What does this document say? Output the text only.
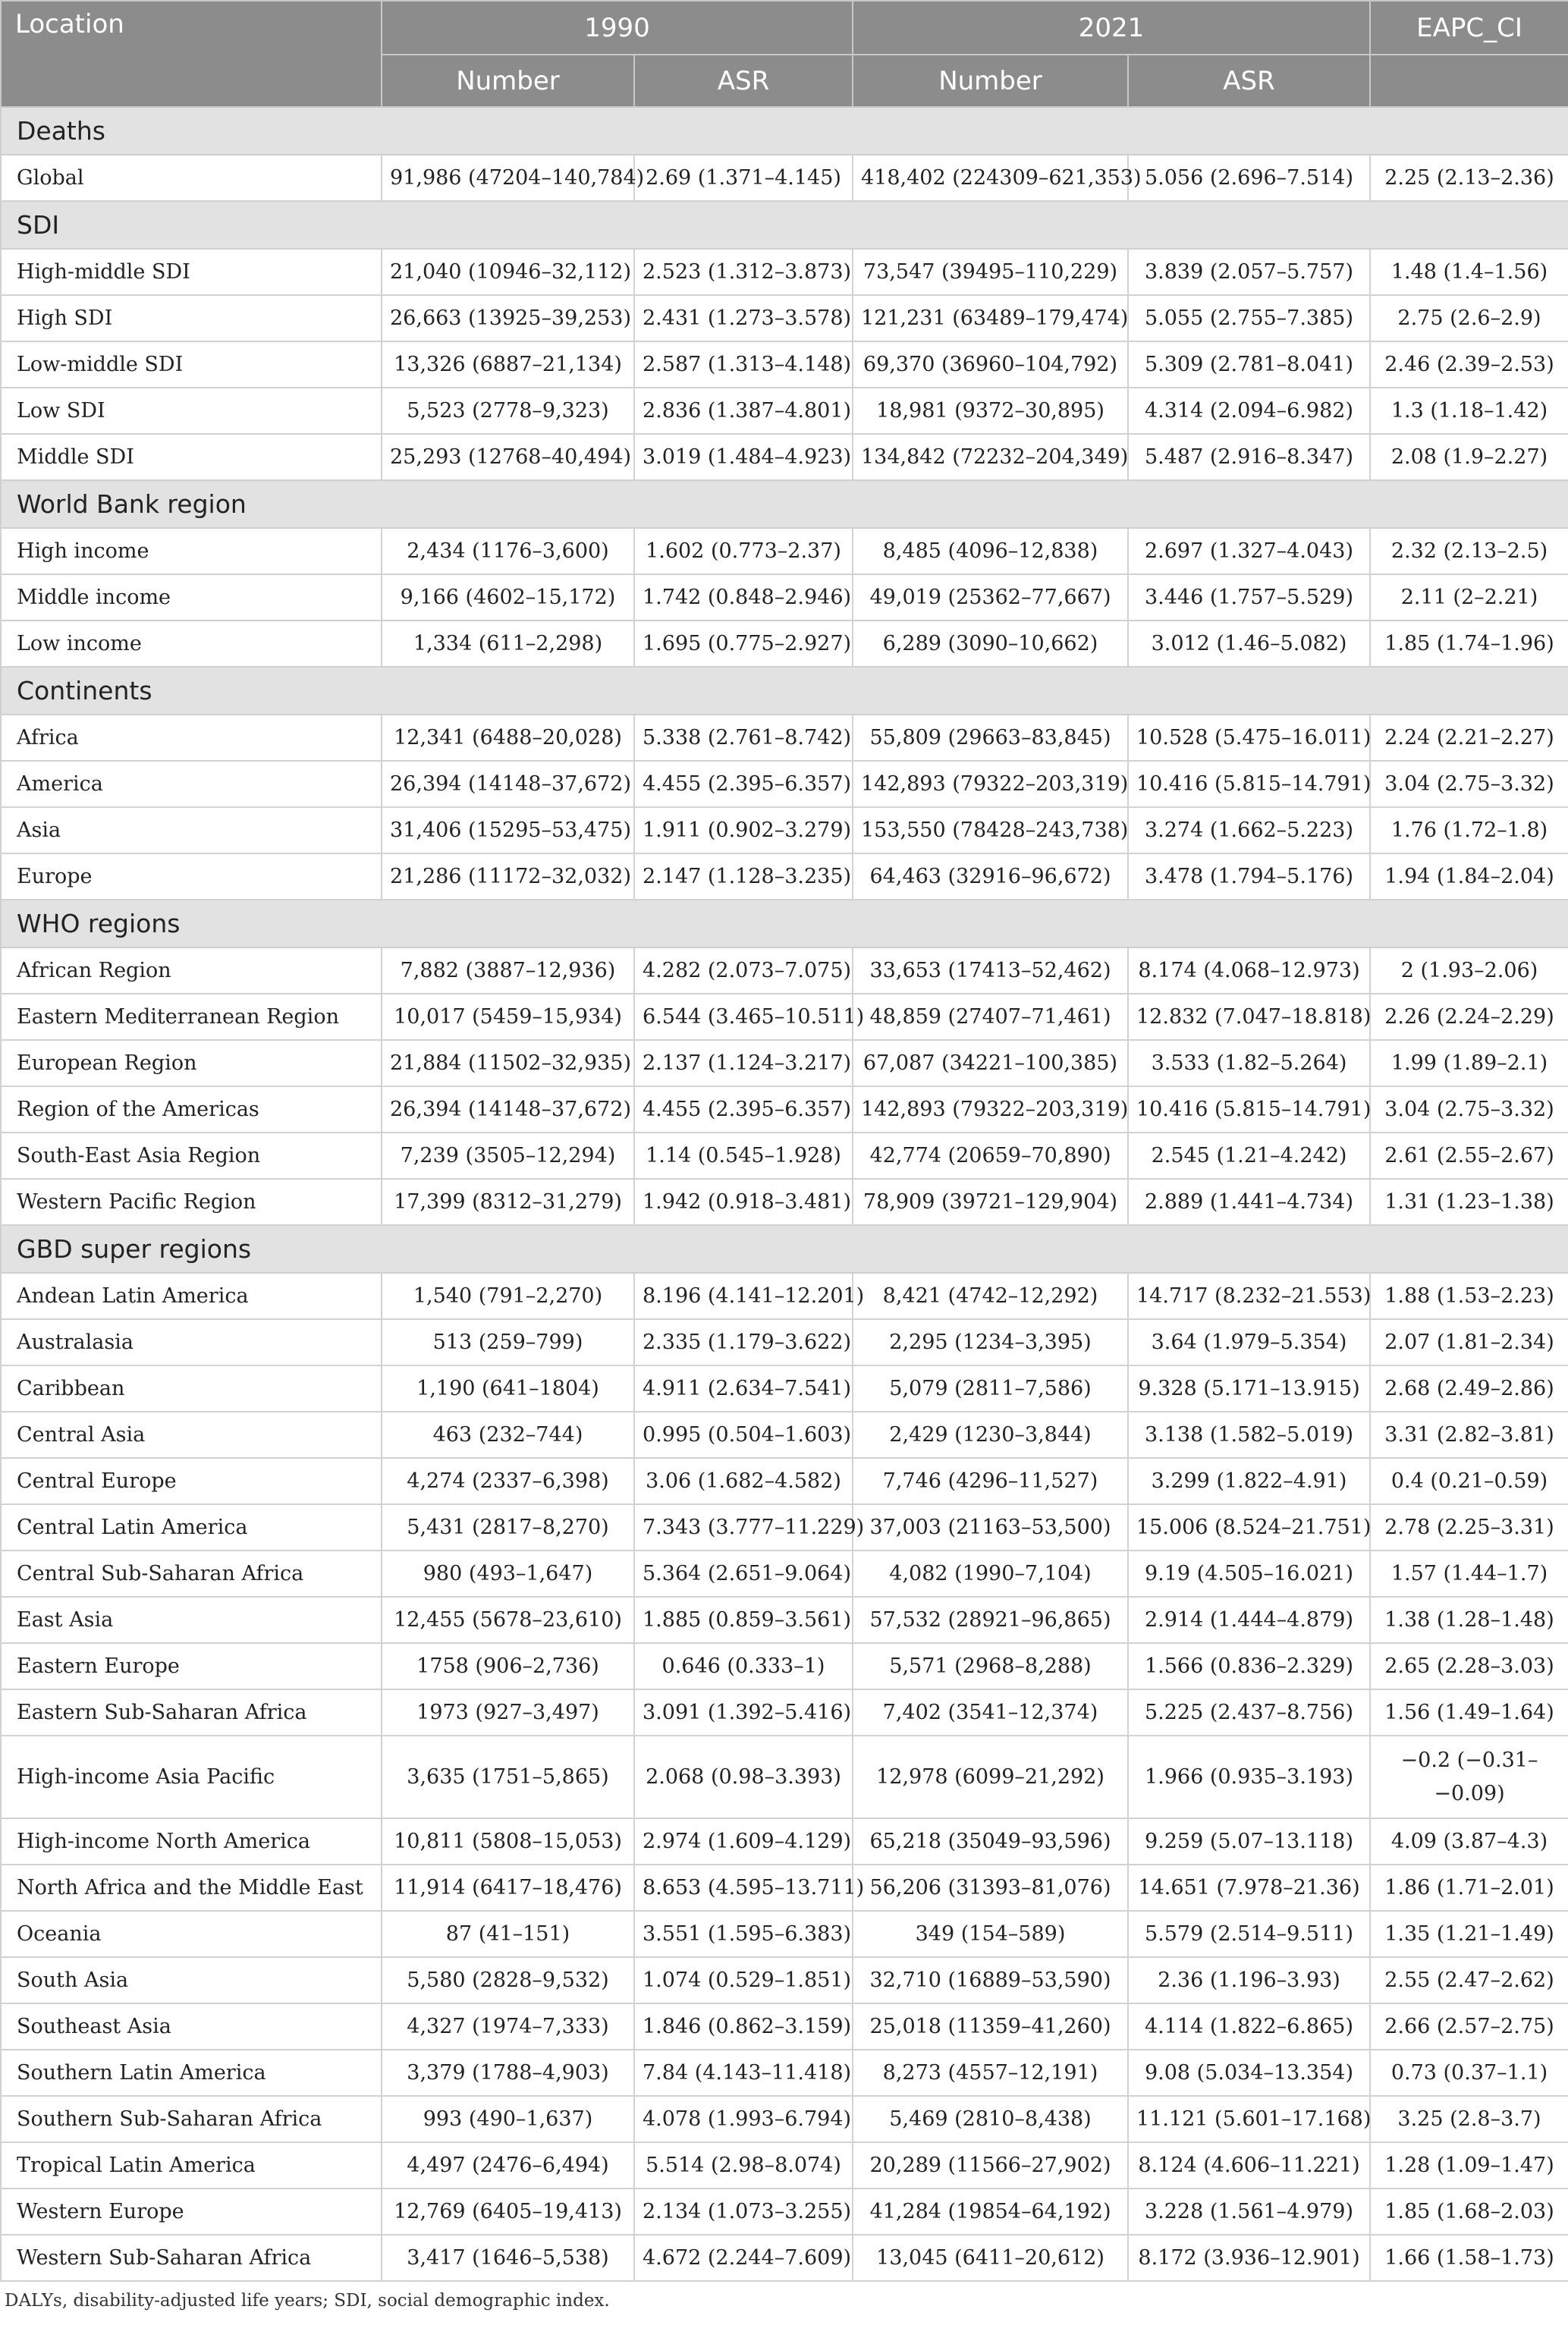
Location	1990		2021		EAPC_CI
	Number	ASR	Number	ASR	
Deaths					
Global	91,986 (47204–140,784)	2.69 (1.371–4.145)	418,402 (224309–621,353)	5.056 (2.696–7.514)	2.25 (2.13–2.36)
SDI					
High-middle SDI	21,040 (10946–32,112)	2.523 (1.312–3.873)	73,547 (39495–110,229)	3.839 (2.057–5.757)	1.48 (1.4–1.56)
High SDI	26,663 (13925–39,253)	2.431 (1.273–3.578)	121,231 (63489–179,474)	5.055 (2.755–7.385)	2.75 (2.6–2.9)
Low-middle SDI	13,326 (6887–21,134)	2.587 (1.313–4.148)	69,370 (36960–104,792)	5.309 (2.781–8.041)	2.46 (2.39–2.53)
Low SDI	5,523 (2778–9,323)	2.836 (1.387–4.801)	18,981 (9372–30,895)	4.314 (2.094–6.982)	1.3 (1.18–1.42)
Middle SDI	25,293 (12768–40,494)	3.019 (1.484–4.923)	134,842 (72232–204,349)	5.487 (2.916–8.347)	2.08 (1.9–2.27)
World Bank region					
High income	2,434 (1176–3,600)	1.602 (0.773–2.37)	8,485 (4096–12,838)	2.697 (1.327–4.043)	2.32 (2.13–2.5)
Middle income	9,166 (4602–15,172)	1.742 (0.848–2.946)	49,019 (25362–77,667)	3.446 (1.757–5.529)	2.11 (2–2.21)
Low income	1,334 (611–2,298)	1.695 (0.775–2.927)	6,289 (3090–10,662)	3.012 (1.46–5.082)	1.85 (1.74–1.96)
Continents					
Africa	12,341 (6488–20,028)	5.338 (2.761–8.742)	55,809 (29663–83,845)	10.528 (5.475–16.011)	2.24 (2.21–2.27)
America	26,394 (14148–37,672)	4.455 (2.395–6.357)	142,893 (79322–203,319)	10.416 (5.815–14.791)	3.04 (2.75–3.32)
Asia	31,406 (15295–53,475)	1.911 (0.902–3.279)	153,550 (78428–243,738)	3.274 (1.662–5.223)	1.76 (1.72–1.8)
Europe	21,286 (11172–32,032)	2.147 (1.128–3.235)	64,463 (32916–96,672)	3.478 (1.794–5.176)	1.94 (1.84–2.04)
WHO regions					
African Region	7,882 (3887–12,936)	4.282 (2.073–7.075)	33,653 (17413–52,462)	8.174 (4.068–12.973)	2 (1.93–2.06)
Eastern Mediterranean Region	10,017 (5459–15,934)	6.544 (3.465–10.511)	48,859 (27407–71,461)	12.832 (7.047–18.818)	2.26 (2.24–2.29)
European Region	21,884 (11502–32,935)	2.137 (1.124–3.217)	67,087 (34221–100,385)	3.533 (1.82–5.264)	1.99 (1.89–2.1)
Region of the Americas	26,394 (14148–37,672)	4.455 (2.395–6.357)	142,893 (79322–203,319)	10.416 (5.815–14.791)	3.04 (2.75–3.32)
South-East Asia Region	7,239 (3505–12,294)	1.14 (0.545–1.928)	42,774 (20659–70,890)	2.545 (1.21–4.242)	2.61 (2.55–2.67)
Western Pacific Region	17,399 (8312–31,279)	1.942 (0.918–3.481)	78,909 (39721–129,904)	2.889 (1.441–4.734)	1.31 (1.23–1.38)
GBD super regions					
Andean Latin America	1,540 (791–2,270)	8.196 (4.141–12.201)	8,421 (4742–12,292)	14.717 (8.232–21.553)	1.88 (1.53–2.23)
Australasia	513 (259–799)	2.335 (1.179–3.622)	2,295 (1234–3,395)	3.64 (1.979–5.354)	2.07 (1.81–2.34)
Caribbean	1,190 (641–1804)	4.911 (2.634–7.541)	5,079 (2811–7,586)	9.328 (5.171–13.915)	2.68 (2.49–2.86)
Central Asia	463 (232–744)	0.995 (0.504–1.603)	2,429 (1230–3,844)	3.138 (1.582–5.019)	3.31 (2.82–3.81)
Central Europe	4,274 (2337–6,398)	3.06 (1.682–4.582)	7,746 (4296–11,527)	3.299 (1.822–4.91)	0.4 (0.21–0.59)
Central Latin America	5,431 (2817–8,270)	7.343 (3.777–11.229)	37,003 (21163–53,500)	15.006 (8.524–21.751)	2.78 (2.25–3.31)
Central Sub-Saharan Africa	980 (493–1,647)	5.364 (2.651–9.064)	4,082 (1990–7,104)	9.19 (4.505–16.021)	1.57 (1.44–1.7)
East Asia	12,455 (5678–23,610)	1.885 (0.859–3.561)	57,532 (28921–96,865)	2.914 (1.444–4.879)	1.38 (1.28–1.48)
Eastern Europe	1758 (906–2,736)	0.646 (0.333–1)	5,571 (2968–8,288)	1.566 (0.836–2.329)	2.65 (2.28–3.03)
Eastern Sub-Saharan Africa	1973 (927–3,497)	3.091 (1.392–5.416)	7,402 (3541–12,374)	5.225 (2.437–8.756)	1.56 (1.49–1.64)
High-income Asia Pacific	3,635 (1751–5,865)	2.068 (0.98–3.393)	12,978 (6099–21,292)	1.966 (0.935–3.193)	−0.2 (−0.31–−0.09)
High-income North America	10,811 (5808–15,053)	2.974 (1.609–4.129)	65,218 (35049–93,596)	9.259 (5.07–13.118)	4.09 (3.87–4.3)
North Africa and the Middle East	11,914 (6417–18,476)	8.653 (4.595–13.711)	56,206 (31393–81,076)	14.651 (7.978–21.36)	1.86 (1.71–2.01)
Oceania	87 (41–151)	3.551 (1.595–6.383)	349 (154–589)	5.579 (2.514–9.511)	1.35 (1.21–1.49)
South Asia	5,580 (2828–9,532)	1.074 (0.529–1.851)	32,710 (16889–53,590)	2.36 (1.196–3.93)	2.55 (2.47–2.62)
Southeast Asia	4,327 (1974–7,333)	1.846 (0.862–3.159)	25,018 (11359–41,260)	4.114 (1.822–6.865)	2.66 (2.57–2.75)
Southern Latin America	3,379 (1788–4,903)	7.84 (4.143–11.418)	8,273 (4557–12,191)	9.08 (5.034–13.354)	0.73 (0.37–1.1)
Southern Sub-Saharan Africa	993 (490–1,637)	4.078 (1.993–6.794)	5,469 (2810–8,438)	11.121 (5.601–17.168)	3.25 (2.8–3.7)
Tropical Latin America	4,497 (2476–6,494)	5.514 (2.98–8.074)	20,289 (11566–27,902)	8.124 (4.606–11.221)	1.28 (1.09–1.47)
Western Europe	12,769 (6405–19,413)	2.134 (1.073–3.255)	41,284 (19854–64,192)	3.228 (1.561–4.979)	1.85 (1.68–2.03)
Western Sub-Saharan Africa	3,417 (1646–5,538)	4.672 (2.244–7.609)	13,045 (6411–20,612)	8.172 (3.936–12.901)	1.66 (1.58–1.73)
DALYs, disability-adjusted life years; SDI, social demographic index.
